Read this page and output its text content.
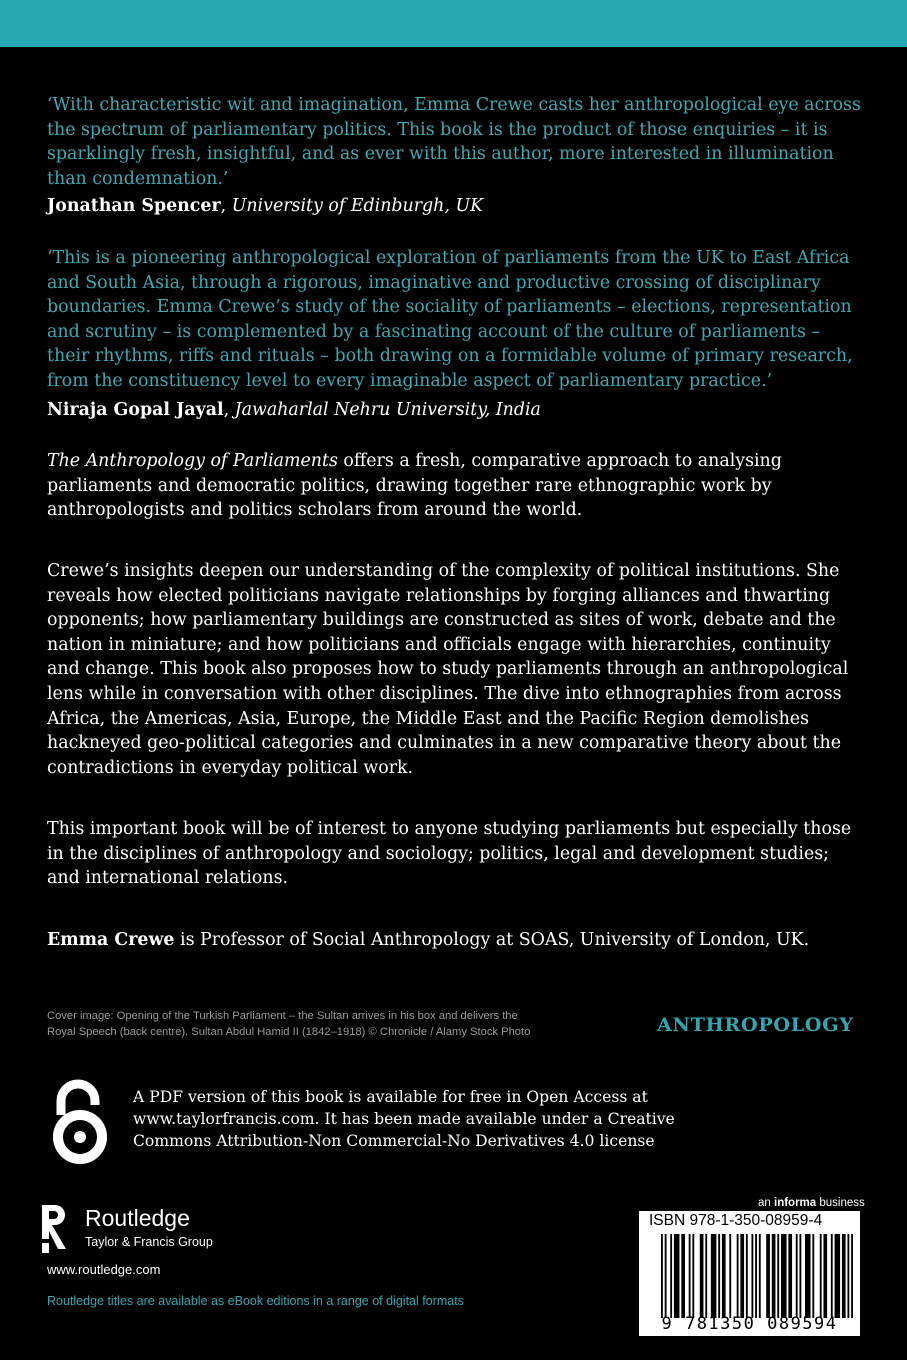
‘With characteristic wit and imagination, Emma Crewe casts her anthropological eye across the spectrum of parliamentary politics. This book is the product of those enquiries – it is sparklingly fresh, insightful, and as ever with this author, more interested in illumination than condemnation.’
Jonathan Spencer, University of Edinburgh, UK
‘This is a pioneering anthropological exploration of parliaments from the UK to East Africa and South Asia, through a rigorous, imaginative and productive crossing of disciplinary boundaries. Emma Crewe’s study of the sociality of parliaments – elections, representation and scrutiny – is complemented by a fascinating account of the culture of parliaments – their rhythms, riffs and rituals – both drawing on a formidable volume of primary research, from the constituency level to every imaginable aspect of parliamentary practice.’
Niraja Gopal Jayal, Jawaharlal Nehru University, India
The Anthropology of Parliaments offers a fresh, comparative approach to analysing parliaments and democratic politics, drawing together rare ethnographic work by anthropologists and politics scholars from around the world.
Crewe’s insights deepen our understanding of the complexity of political institutions. She reveals how elected politicians navigate relationships by forging alliances and thwarting opponents; how parliamentary buildings are constructed as sites of work, debate and the nation in miniature; and how politicians and officials engage with hierarchies, continuity and change. This book also proposes how to study parliaments through an anthropological lens while in conversation with other disciplines. The dive into ethnographies from across Africa, the Americas, Asia, Europe, the Middle East and the Pacific Region demolishes hackneyed geo-political categories and culminates in a new comparative theory about the contradictions in everyday political work.
This important book will be of interest to anyone studying parliaments but especially those in the disciplines of anthropology and sociology; politics, legal and development studies; and international relations.
Emma Crewe is Professor of Social Anthropology at SOAS, University of London, UK.
Cover image: Opening of the Turkish Parliament – the Sultan arrives in his box and delivers the
Royal Speech (back centre). Sultan Abdul Hamid II (1842–1918) © Chronicle / Alamy Stock Photo	ANTHROPOLOGY
A PDF version of this book is available for free in Open Access at
www.taylorfrancis.com. It has been made available under a Creative
Commons Attribution-Non Commercial-No Derivatives 4.0 license
Routledge
Taylor & Francis Group
www.routledge.com
Routledge titles are available as eBook editions in a range of digital formats
an informa business
ISBN 978-1-350-08959-4
9 781350 089594
